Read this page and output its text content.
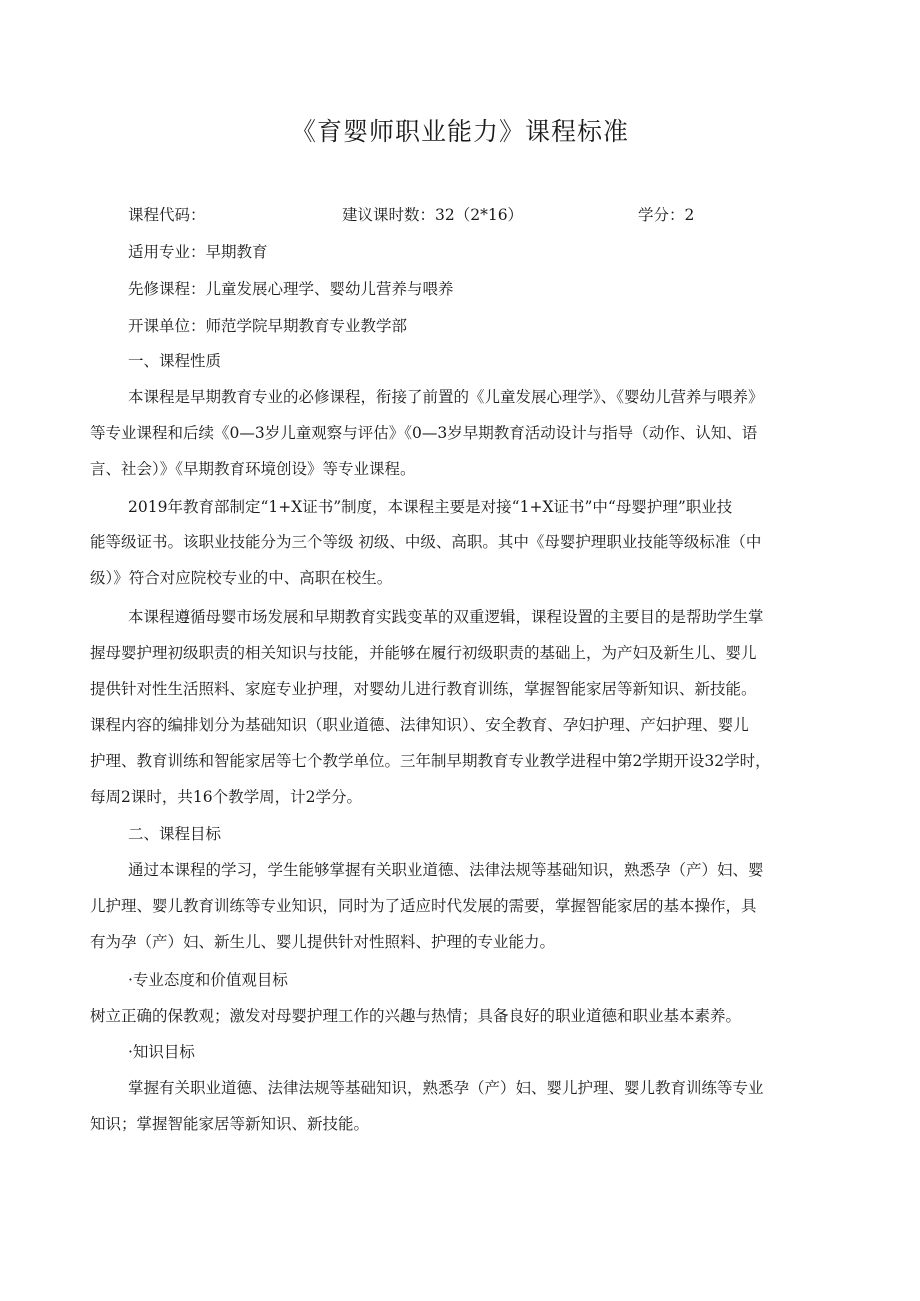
《育婴师职业能力》课程标准
课程代码：	建议课时数：32（2*16）	学分：2
适用专业：早期教育
先修课程：儿童发展心理学、婴幼儿营养与喂养
开课单位：师范学院早期教育专业教学部
一、课程性质
本课程是早期教育专业的必修课程，衔接了前置的《儿童发展心理学》、《婴幼儿营养与喂养》
等专业课程和后续《0—3岁儿童观察与评估》《0—3岁早期教育活动设计与指导（动作、认知、语
言、社会）》《早期教育环境创设》等专业课程。
2019年教育部制定“1+X证书”制度，本课程主要是对接“1+X证书”中“母婴护理”职业技
能等级证书。该职业技能分为三个等级 初级、中级、高职。其中《母婴护理职业技能等级标准（中
级）》符合对应院校专业的中、高职在校生。
本课程遵循母婴市场发展和早期教育实践变革的双重逻辑，课程设置的主要目的是帮助学生掌
握母婴护理初级职责的相关知识与技能，并能够在履行初级职责的基础上，为产妇及新生儿、婴儿
提供针对性生活照料、家庭专业护理，对婴幼儿进行教育训练，掌握智能家居等新知识、新技能。
课程内容的编排划分为基础知识（职业道德、法律知识）、安全教育、孕妇护理、产妇护理、婴儿
护理、教育训练和智能家居等七个教学单位。三年制早期教育专业教学进程中第2学期开设32学时，
每周2课时，共16个教学周，计2学分。
二、课程目标
通过本课程的学习，学生能够掌握有关职业道德、法律法规等基础知识，熟悉孕（产）妇、婴
儿护理、婴儿教育训练等专业知识，同时为了适应时代发展的需要，掌握智能家居的基本操作，具
有为孕（产）妇、新生儿、婴儿提供针对性照料、护理的专业能力。
·专业态度和价值观目标
树立正确的保教观；激发对母婴护理工作的兴趣与热情；具备良好的职业道德和职业基本素养。
·知识目标
掌握有关职业道德、法律法规等基础知识，熟悉孕（产）妇、婴儿护理、婴儿教育训练等专业
知识；掌握智能家居等新知识、新技能。
